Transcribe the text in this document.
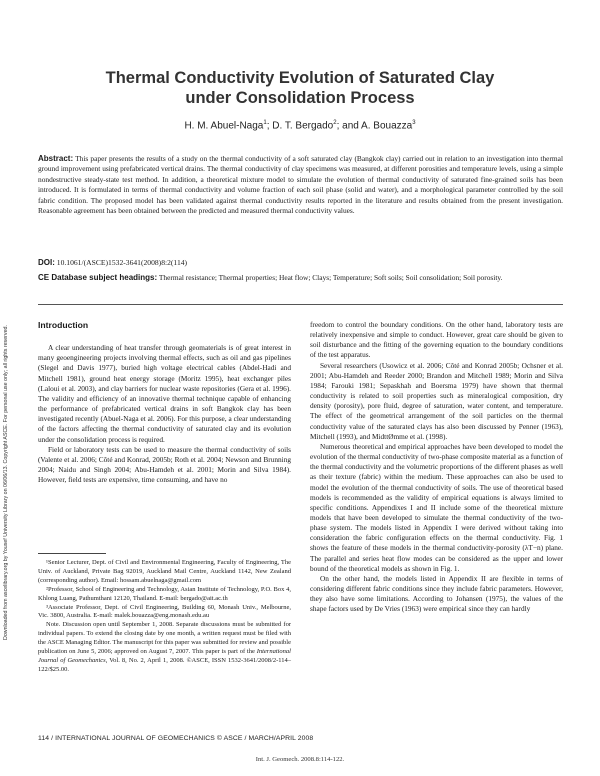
Downloaded from ascelibrary.org by Yousef University Library on 06/06/13. Copyright ASCE. For personal use only; all rights reserved.
Thermal Conductivity Evolution of Saturated Clay
under Consolidation Process
H. M. Abuel-Naga$^1$; D. T. Bergado$^2$; and A. Bouazza$^3$
Abstract: This paper presents the results of a study on the thermal conductivity of a soft saturated clay (Bangkok clay) carried out in relation to an investigation into thermal ground improvement using prefabricated vertical drains. The thermal conductivity of clay specimens was measured, at different porosities and temperature levels, using a simple nondestructive steady-state test method. In addition, a theoretical mixture model to simulate the evolution of thermal conductivity of saturated fine-grained soils has been introduced. It is formulated in terms of thermal conductivity and volume fraction of each soil phase (solid and water), and a morphological parameter controlled by the soil fabric condition. The proposed model has been validated against thermal conductivity results reported in the literature and results obtained from the present investigation. Reasonable agreement has been obtained between the predicted and measured thermal conductivity values.
DOI: 10.1061/(ASCE)1532-3641(2008)8:2(114)
CE Database subject headings: Thermal resistance; Thermal properties; Heat flow; Clays; Temperature; Soft soils; Soil consolidation; Soil porosity.

Introduction

A clear understanding of heat transfer through geomaterials is of great interest in many geoengineering projects involving thermal effects, such as oil and gas pipelines (Slegel and Davis 1977), buried high voltage electrical cables (Abdel-Hadi and Mitchell 1981), ground heat energy storage (Moritz 1995), heat exchanger piles (Laloui et al. 2003), and clay barriers for nuclear waste repositories (Gera et al. 1996). The validity and efficiency of an innovative thermal technique capable of enhancing the performance of prefabricated vertical drains in soft Bangkok clay has been investigated recently (Abuel-Naga et al. 2006). For this purpose, a clear understanding of the factors affecting the thermal conductivity of saturated clay and its evolution under the consolidation process is required.

Field or laboratory tests can be used to measure the thermal conductivity of soils (Valente et al. 2006; Côté and Konrad, 2005b; Roth et al. 2004; Newson and Brunning 2004; Naidu and Singh 2004; Abu-Hamdeh et al. 2001; Morin and Silva 1984). However, field tests are expensive, time consuming, and have no

¹Senior Lecturer, Dept. of Civil and Environmental Engineering, Faculty of Engineering, The Univ. of Auckland, Private Bag 92019, Auckland Mail Centre, Auckland 1142, New Zealand (corresponding author). Email: hossam.abuelnaga@gmail.com

²Professor, School of Engineering and Technology, Asian Institute of Technology, P.O. Box 4, Khlong Luang, Pathumthani 12120, Thailand. E-mail: bergado@ait.ac.th

³Associate Professor, Dept. of Civil Engineering, Building 60, Monash Univ., Melbourne, Vic. 3800, Australia. E-mail: malek.bouazza@eng.monash.edu.au

Note. Discussion open until September 1, 2008. Separate discussions must be submitted for individual papers. To extend the closing date by one month, a written request must be filed with the ASCE Managing Editor. The manuscript for this paper was submitted for review and possible publication on June 5, 2006; approved on August 7, 2007. This paper is part of the International Journal of Geomechanics, Vol. 8, No. 2, April 1, 2008. ©ASCE, ISSN 1532-3641/2008/2-114–122/$25.00.

freedom to control the boundary conditions. On the other hand, laboratory tests are relatively inexpensive and simple to conduct. However, great care should be given to soil disturbance and the fitting of the governing equation to the boundary conditions of the test apparatus.

Several researchers (Usowicz et al. 2006; Côté and Konrad 2005b; Ochsner et al. 2001; Abu-Hamdeh and Reeder 2000; Brandon and Mitchell 1989; Morin and Silva 1984; Farouki 1981; Sepaskhah and Boersma 1979) have shown that thermal conductivity is related to soil properties such as mineralogical composition, dry density (porosity), pore fluid, degree of saturation, water content, and temperature. The effect of the geometrical arrangement of the soil particles on the thermal conductivity value of the saturated clays has also been discussed by Penner (1963), Mitchell (1993), and MidttØmme et al. (1998).

Numerous theoretical and empirical approaches have been developed to model the evolution of the thermal conductivity of two-phase composite material as a function of the thermal conductivity and the volumetric proportions of the different phases as well as their texture (fabric) within the medium. These approaches can also be used to model the evolution of the thermal conductivity of soils. The use of theoretical based models is recommended as the validity of empirical equations is always limited to specific conditions. Appendixes I and II include some of the theoretical mixture models that have been developed to simulate the thermal conductivity of the two-phase system. The models listed in Appendix I were derived without taking into consideration the fabric configuration effects on the thermal conductivity. Fig. 1 shows the feature of these models in the thermal conductivity-porosity (λT−n) plane. The parallel and series heat flow modes can be considered as the upper and lower bound of the theoretical models as shown in Fig. 1.

On the other hand, the models listed in Appendix II are flexible in terms of considering different fabric conditions since they include fabric parameters. However, they also have some limitations. According to Johansen (1975), the values of the shape factors used by De Vries (1963) were empirical since they can hardly

114 / INTERNATIONAL JOURNAL OF GEOMECHANICS © ASCE / MARCH/APRIL 2008
Int. J. Geomech. 2008.8:114-122.
